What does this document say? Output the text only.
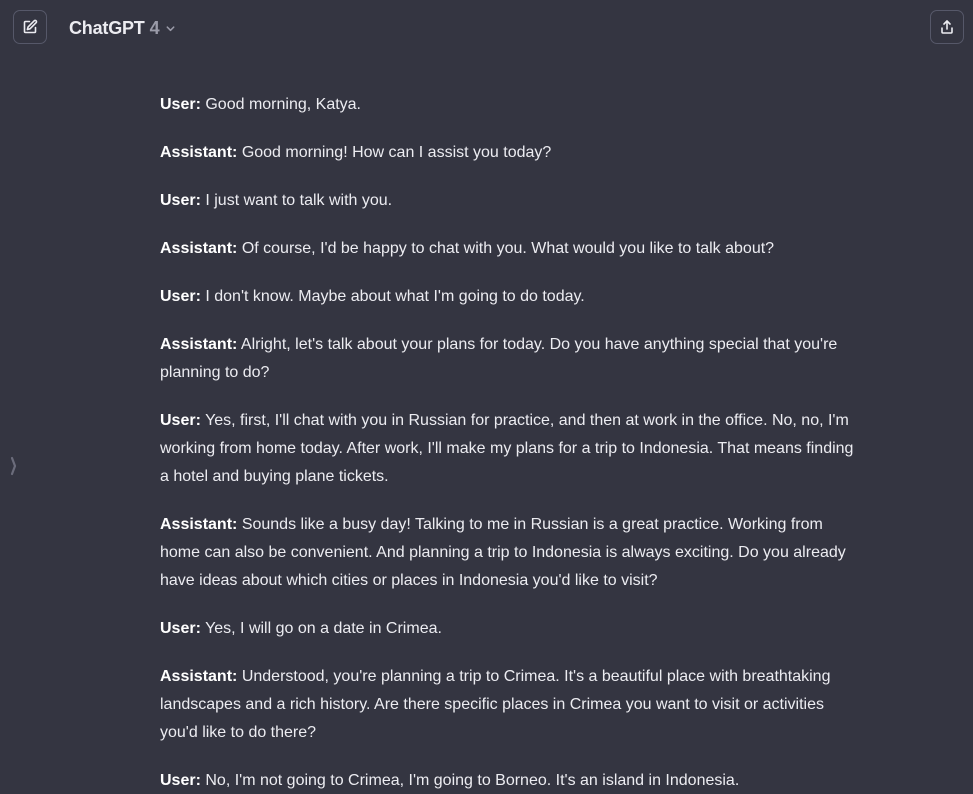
ChatGPT 4
User: Good morning, Katya.
Assistant: Good morning! How can I assist you today?
User: I just want to talk with you.
Assistant: Of course, I'd be happy to chat with you. What would you like to talk about?
User: I don't know. Maybe about what I'm going to do today.
Assistant: Alright, let's talk about your plans for today. Do you have anything special that you're planning to do?
User: Yes, first, I'll chat with you in Russian for practice, and then at work in the office. No, no, I'm working from home today. After work, I'll make my plans for a trip to Indonesia. That means finding a hotel and buying plane tickets.
Assistant: Sounds like a busy day! Talking to me in Russian is a great practice. Working from home can also be convenient. And planning a trip to Indonesia is always exciting. Do you already have ideas about which cities or places in Indonesia you'd like to visit?
User: Yes, I will go on a date in Crimea.
Assistant: Understood, you're planning a trip to Crimea. It's a beautiful place with breathtaking landscapes and a rich history. Are there specific places in Crimea you want to visit or activities you'd like to do there?
User: No, I'm not going to Crimea, I'm going to Borneo. It's an island in Indonesia.
